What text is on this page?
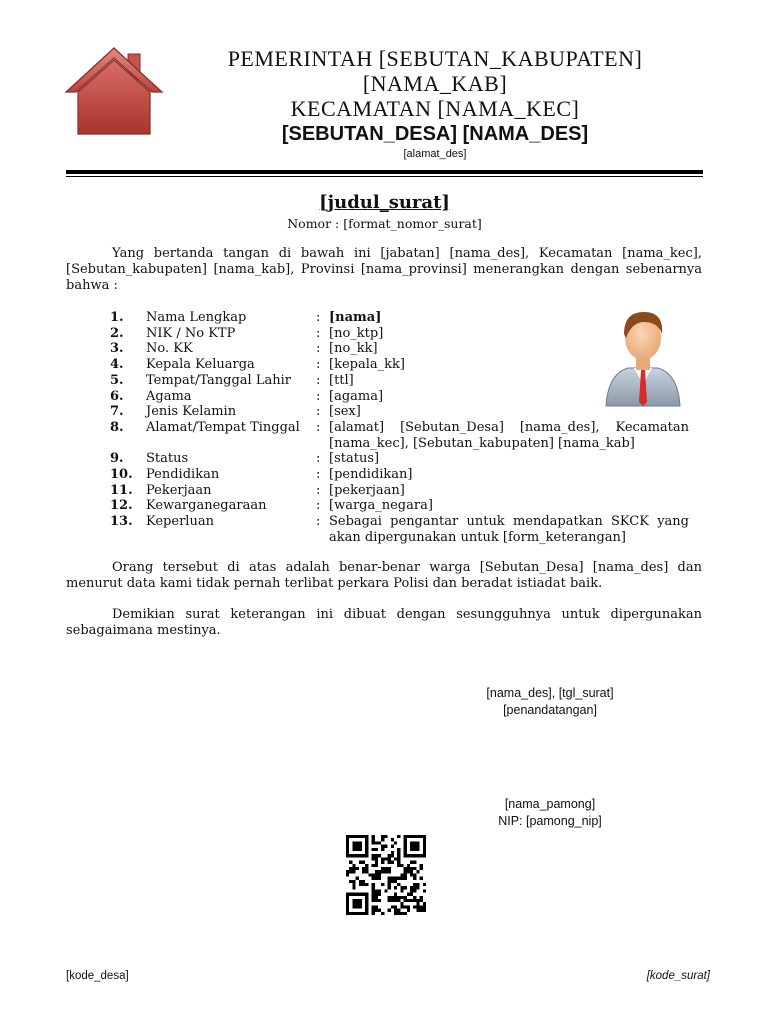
PEMERINTAH [SEBUTAN_KABUPATEN]
[NAMA_KAB]
KECAMATAN [NAMA_KEC]
[SEBUTAN_DESA] [NAMA_DES]
[alamat_des]
[judul_surat]
Nomor : [format_nomor_surat]
Yang bertanda tangan di bawah ini [jabatan] [nama_des], Kecamatan [nama_kec], [Sebutan_kabupaten] [nama_kab], Provinsi [nama_provinsi] menerangkan dengan sebenarnya bahwa :
1.	Nama Lengkap	: [nama]
2.	NIK / No KTP	: [no_ktp]
3.	No. KK	: [no_kk]
4.	Kepala Keluarga	: [kepala_kk]
5.	Tempat/Tanggal Lahir	: [ttl]
6.	Agama	: [agama]
7.	Jenis Kelamin	: [sex]
8.	Alamat/Tempat Tinggal	: [alamat] [Sebutan_Desa] [nama_des], Kecamatan [nama_kec], [Sebutan_kabupaten] [nama_kab]
9.	Status	: [status]
10.	Pendidikan	: [pendidikan]
11.	Pekerjaan	: [pekerjaan]
12.	Kewarganegaraan	: [warga_negara]
13.	Keperluan	: Sebagai pengantar untuk mendapatkan SKCK yang akan dipergunakan untuk [form_keterangan]
Orang tersebut di atas adalah benar-benar warga [Sebutan_Desa] [nama_des] dan menurut data kami tidak pernah terlibat perkara Polisi dan beradat istiadat baik.
Demikian surat keterangan ini dibuat dengan sesungguhnya untuk dipergunakan sebagaimana mestinya.
[nama_des], [tgl_surat]
[penandatangan]
[nama_pamong]
NIP: [pamong_nip]
[kode_desa]	[kode_surat]
